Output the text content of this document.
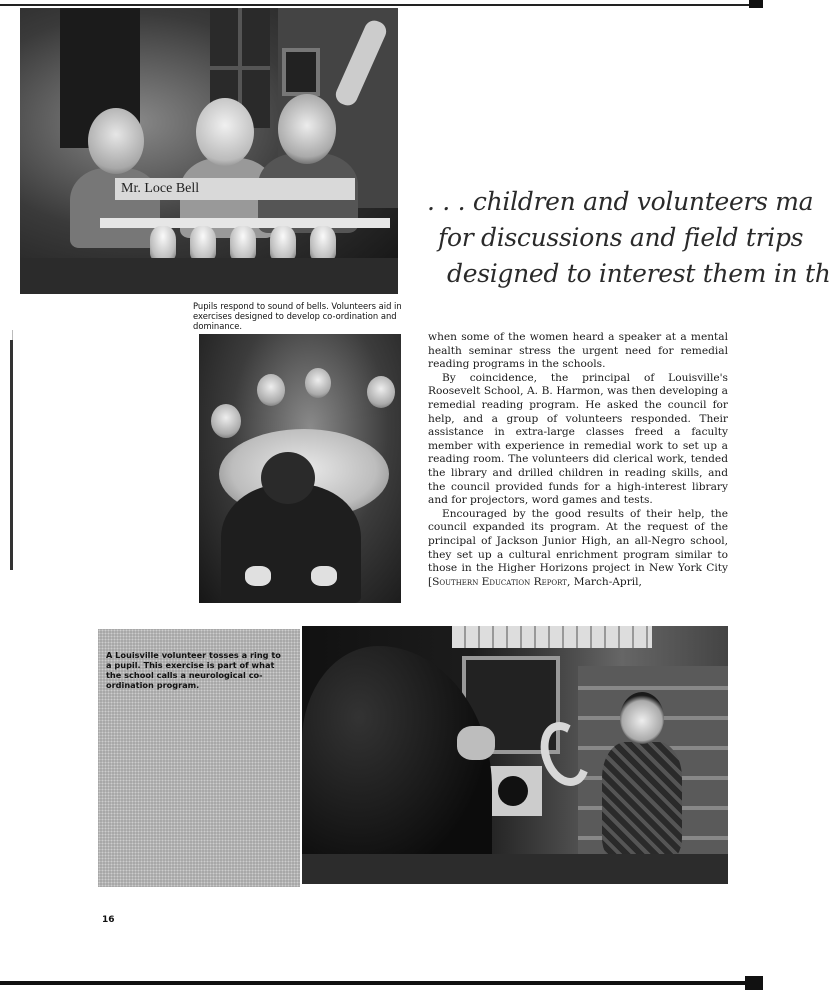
Mr. Loce Bell

Pupils respond to sound of bells. Volunteers aid in exercises designed to develop co-ordination and dominance.

. . . children and volunteers ma
for discussions and field trips
designed to interest them in th

when some of the women heard a speaker at a mental health seminar stress the urgent need for remedial reading programs in the schools.

By coincidence, the principal of Louisville's Roosevelt School, A. B. Harmon, was then developing a remedial reading program. He asked the council for help, and a group of volunteers responded. Their assistance in extra-large classes freed a faculty member with experience in remedial work to set up a reading room. The volunteers did clerical work, tended the library and drilled children in reading skills, and the council provided funds for a high-interest library and for projectors, word games and tests.

Encouraged by the good results of their help, the council expanded its program. At the request of the principal of Jackson Junior High, an all-Negro school, they set up a cultural enrichment program similar to those in the Higher Horizons project in New York City [Southern Education Report, March-April,

A Louisville volunteer tosses a ring to a pupil. This exercise is part of what the school calls a neurological co-ordination program.

16
